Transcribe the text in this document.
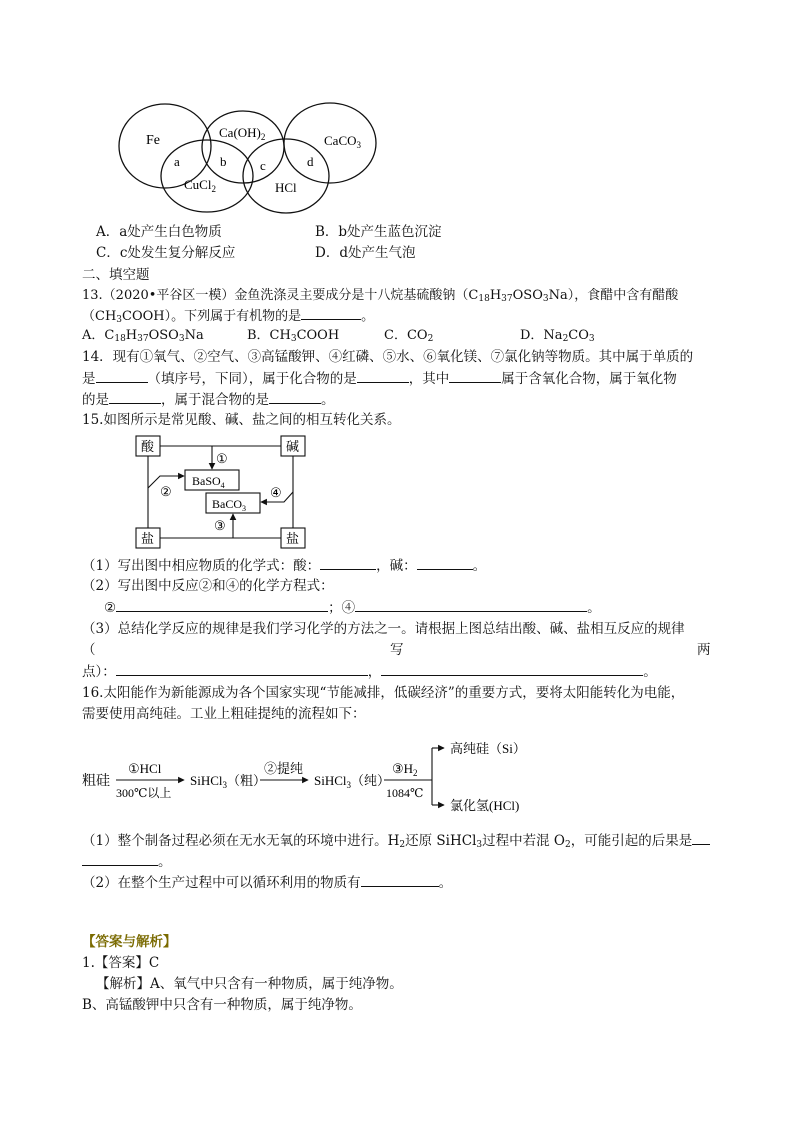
Fe
$Ca(OH)_2$	CaCO$_3$
CuCl$_2$	HCl
a	b	c	d
A．a处产生白色物质	B．b处产生蓝色沉淀
C．c处发生复分解反应	D．d处产生气泡
二、填空题
13.（2020•平谷区一模）金鱼洗涤灵主要成分是十八烷基硫酸钠$(C_{18}H_{37}OSO_3Na)$，食醋中含有醋酸
$(CH_3COOH)$。下列属于有机物的是	。
A．$C_{18}H_{37}OSO_3Na$	B．$CH_3COOH$	C．$CO_2$	D．$Na_2CO_3$
14．现有①氧气、②空气、③高锰酸钾、④红磷、⑤水、⑥氧化镁、⑦氯化钠等物质。其中属于单质的
是	（填序号，下同），属于化合物的是	，其中	属于含氧化合物，属于氧化物
的是	，属于混合物的是	。
15.如图所示是常见酸、碱、盐之间的相互转化关系。
酸	碱
盐	盐
BaSO$_4$
BaCO$_3$
①
②
③
④
（1）写出图中相应物质的化学式：酸：	，碱：	。
（2）写出图中反应②和④的化学方程式：
②	；④	。
（3）总结化学反应的规律是我们学习化学的方法之一。请根据上图总结出酸、碱、盐相互反应的规律
（	写	两
点）：	，	。
16.太阳能作为新能源成为各个国家实现“节能减排，低碳经济”的重要方式，要将太阳能转化为电能，
需要使用高纯硅。工业上粗硅提纯的流程如下：
粗硅
①HCl
300℃以上
SiHCl$_3$（粗）
②提纯
SiHCl$_3$（纯）
$③H_2$
1084℃
高纯硅（Si）
氯化氢(HCl)
（1）整个制备过程必须在无水无氧的环境中进行。$H_2$还原 SiHCl$_3$过程中若混 $O_2$，可能引起的后果是
。
（2）在整个生产过程中可以循环利用的物质有	。
【答案与解析】
1.【答案】C
【解析】A、氧气中只含有一种物质，属于纯净物。
B、高锰酸钾中只含有一种物质，属于纯净物。
